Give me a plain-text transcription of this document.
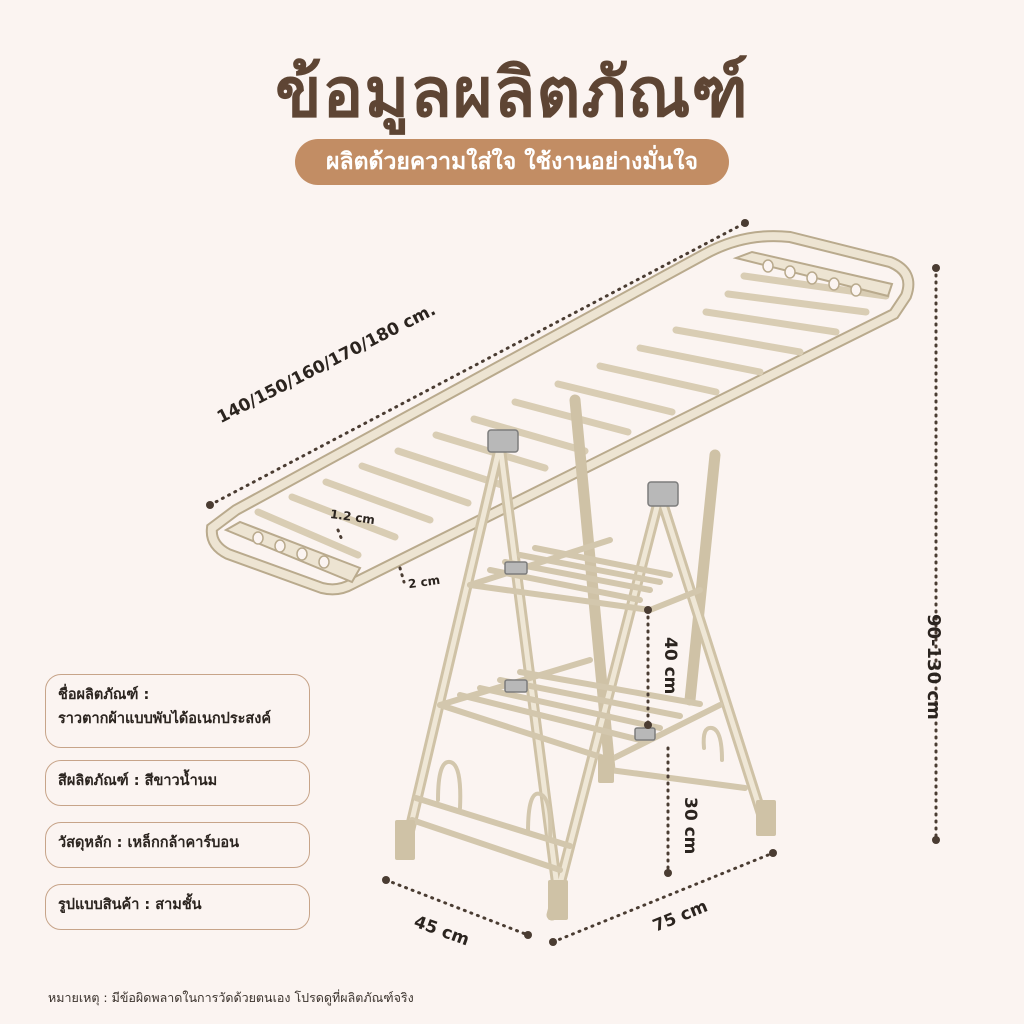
ข้อมูลผลิตภัณฑ์
ผลิตด้วยความใส่ใจ ใช้งานอย่างมั่นใจ
140/150/160/170/180 cm.
90-130 cm
1.2 cm
2 cm
40 cm
30 cm
45 cm	75 cm
ชื่อผลิตภัณฑ์ :
ราวตากผ้าแบบพับได้อเนกประสงค์
สีผลิตภัณฑ์ : สีขาวน้ำนม
วัสดุหลัก : เหล็กกล้าคาร์บอน
รูปแบบสินค้า : สามชั้น
หมายเหตุ : มีข้อผิดพลาดในการวัดด้วยตนเอง โปรดดูที่ผลิตภัณฑ์จริง
